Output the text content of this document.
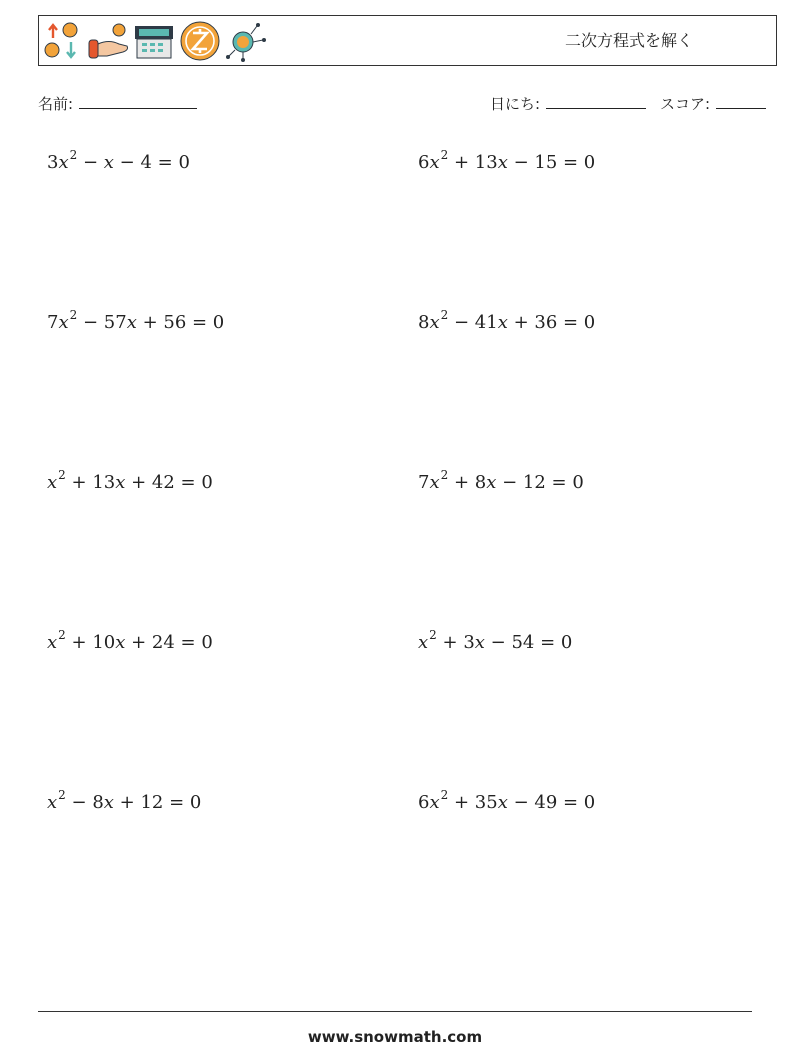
二次方程式を解く
名前:	日にち:	スコア:
$3x^2 - x - 4 = 0$	$6x^2 + 13x - 15 = 0$
$7x^2 - 57x + 56 = 0$	$8x^2 - 41x + 36 = 0$
$x^2 + 13x + 42 = 0$	$7x^2 + 8x - 12 = 0$
$x^2 + 10x + 24 = 0$	$x^2 + 3x - 54 = 0$
$x^2 - 8x + 12 = 0$	$6x^2 + 35x - 49 = 0$
www.snowmath.com
